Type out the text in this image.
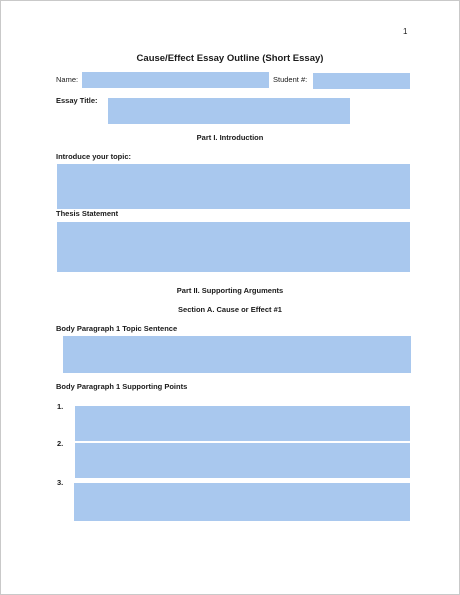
1
Cause/Effect Essay Outline (Short Essay)
Name:	Student #:
Essay Title:
Part I. Introduction
Introduce your topic:
Thesis Statement
Part II. Supporting Arguments
Section A. Cause or Effect #1
Body Paragraph 1 Topic Sentence
Body Paragraph 1 Supporting Points
1.
2.
3.
